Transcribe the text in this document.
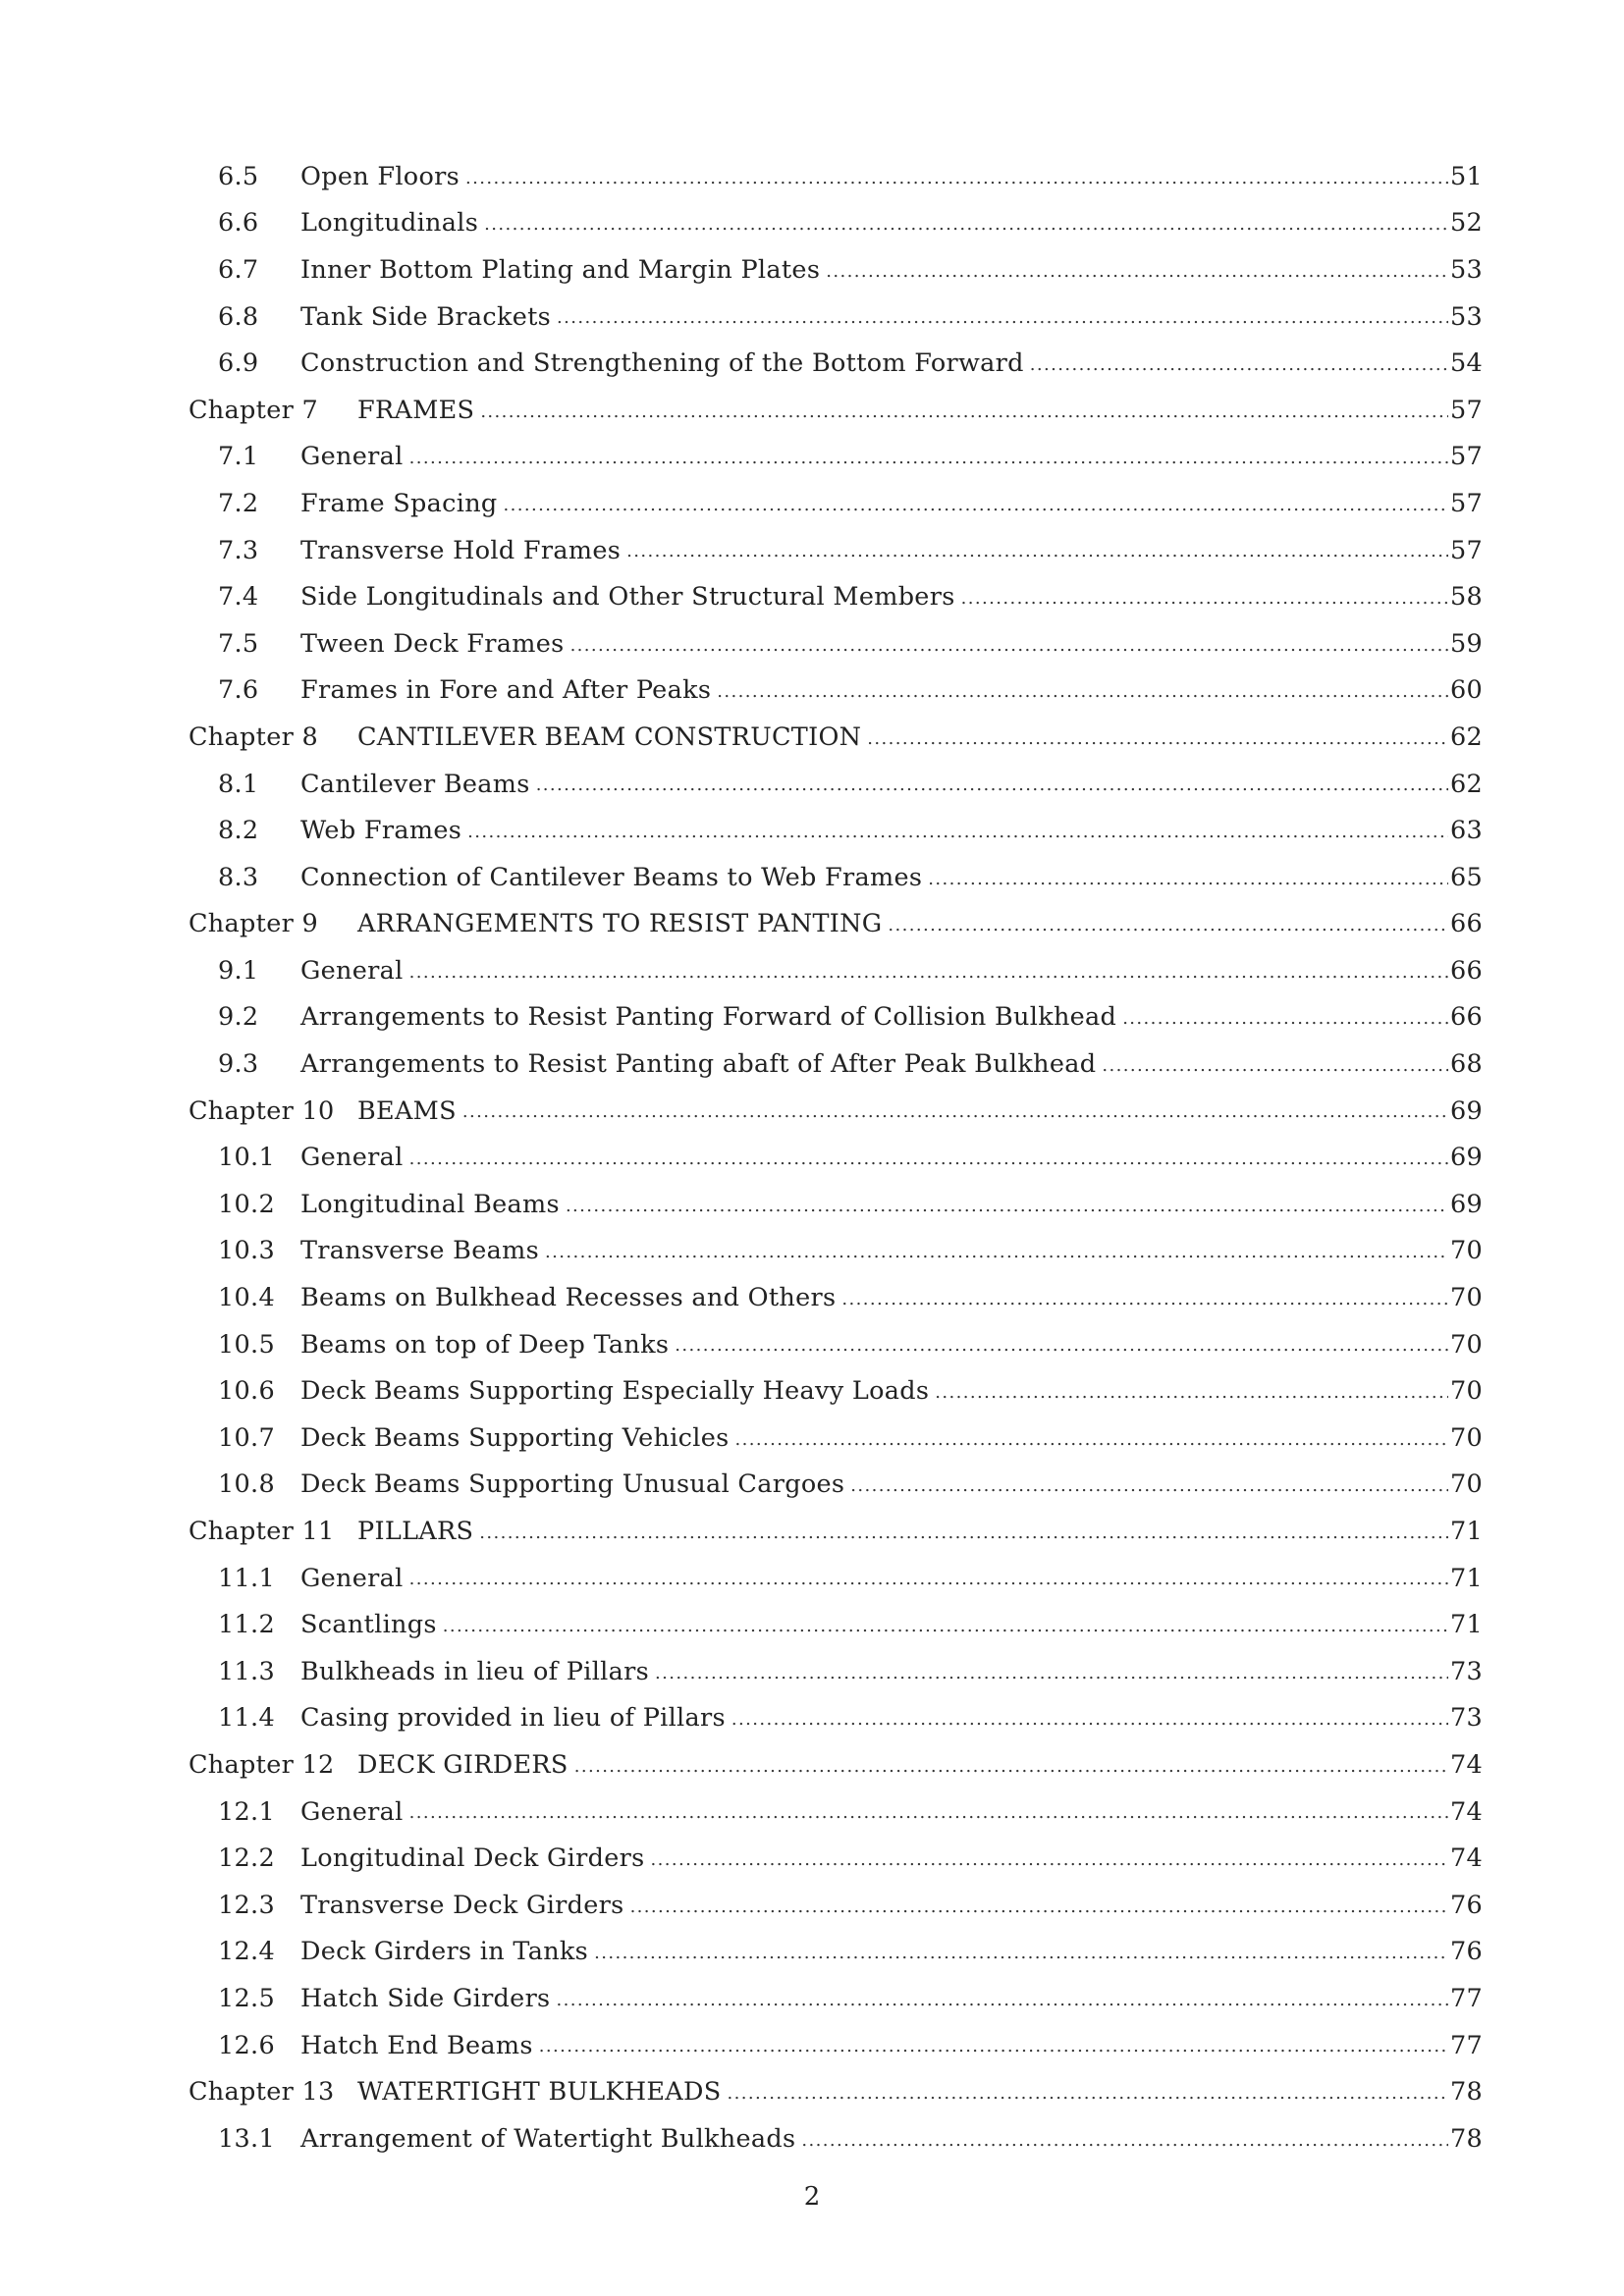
6.5	Open Floors .....	51
6.6	Longitudinals .....	52
6.7	Inner Bottom Plating and Margin Plates .....	53
6.8	Tank Side Brackets .....	53
6.9	Construction and Strengthening of the Bottom Forward .....	54
Chapter 7	FRAMES .....	57
7.1	General .....	57
7.2	Frame Spacing .....	57
7.3	Transverse Hold Frames .....	57
7.4	Side Longitudinals and Other Structural Members .....	58
7.5	Tween Deck Frames .....	59
7.6	Frames in Fore and After Peaks .....	60
Chapter 8	CANTILEVER BEAM CONSTRUCTION .....	62
8.1	Cantilever Beams .....	62
8.2	Web Frames .....	63
8.3	Connection of Cantilever Beams to Web Frames .....	65
Chapter 9	ARRANGEMENTS TO RESIST PANTING .....	66
9.1	General .....	66
9.2	Arrangements to Resist Panting Forward of Collision Bulkhead .....	66
9.3	Arrangements to Resist Panting abaft of After Peak Bulkhead .....	68
Chapter 10 BEAMS .....	69
10.1	General .....	69
10.2	Longitudinal Beams .....	69
10.3	Transverse Beams .....	70
10.4	Beams on Bulkhead Recesses and Others .....	70
10.5	Beams on top of Deep Tanks .....	70
10.6	Deck Beams Supporting Especially Heavy Loads .....	70
10.7	Deck Beams Supporting Vehicles .....	70
10.8	Deck Beams Supporting Unusual Cargoes .....	70
Chapter 11 PILLARS .....	71
11.1	General .....	71
11.2	Scantlings .....	71
11.3	Bulkheads in lieu of Pillars .....	73
11.4	Casing provided in lieu of Pillars .....	73
Chapter 12 DECK GIRDERS .....	74
12.1	General .....	74
12.2	Longitudinal Deck Girders .....	74
12.3	Transverse Deck Girders .....	76
12.4	Deck Girders in Tanks .....	76
12.5	Hatch Side Girders .....	77
12.6	Hatch End Beams .....	77
Chapter 13 WATERTIGHT BULKHEADS .....	78
13.1	Arrangement of Watertight Bulkheads .....	78
2
